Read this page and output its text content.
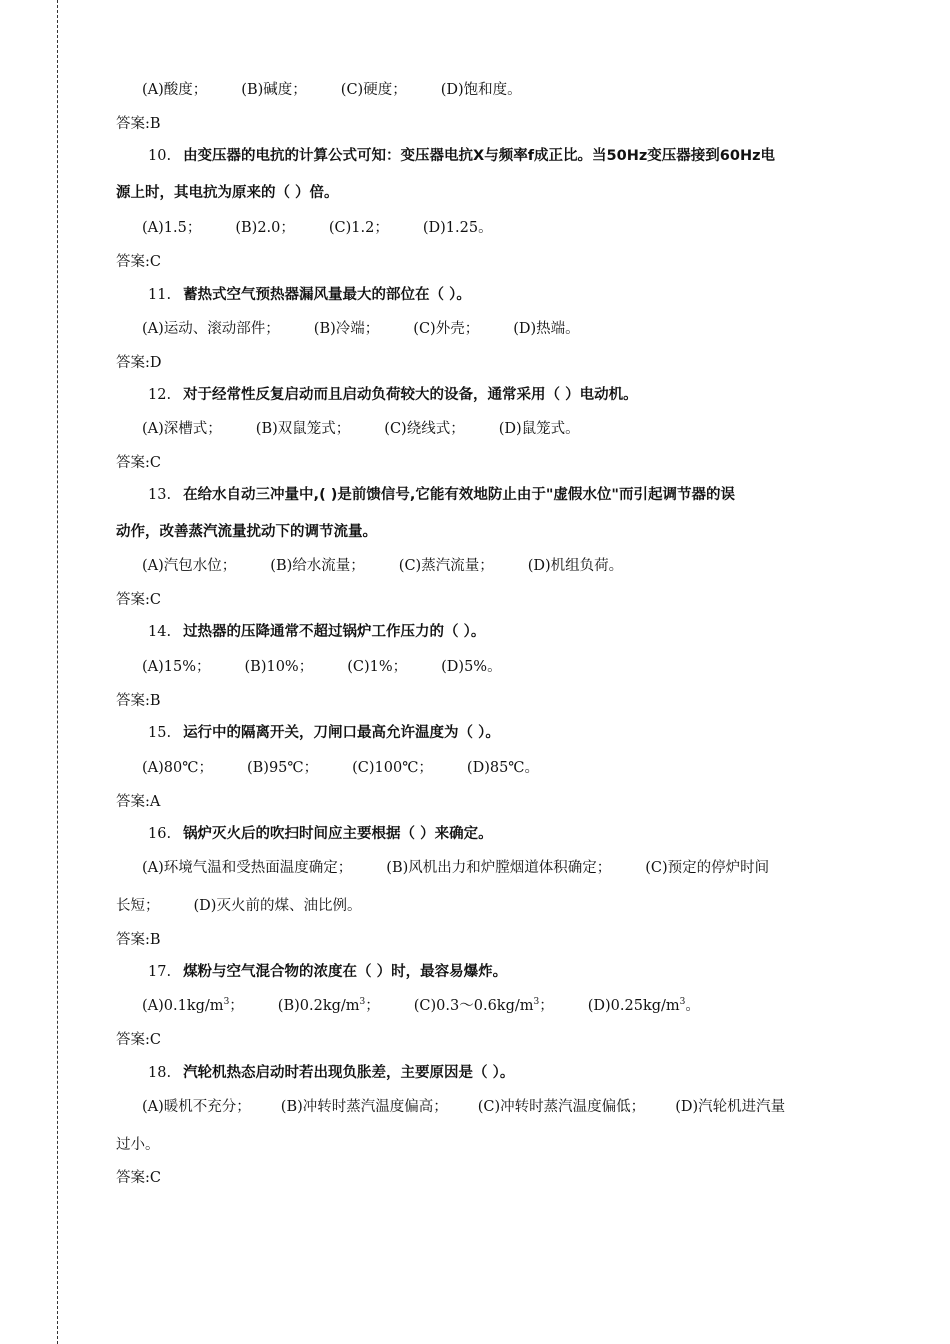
(A)酸度； (B)碱度； (C)硬度； (D)饱和度。
答案:B
10. 由变压器的电抗的计算公式可知：变压器电抗X与频率f成正比。当50Hz变压器接到60Hz电
源上时，其电抗为原来的（ ）倍。
(A)1.5； (B)2.0； (C)1.2； (D)1.25。
答案:C
11. 蓄热式空气预热器漏风量最大的部位在（ ）。
(A)运动、滚动部件； (B)冷端； (C)外壳； (D)热端。
答案:D
12. 对于经常性反复启动而且启动负荷较大的设备，通常采用（ ）电动机。
(A)深槽式； (B)双鼠笼式； (C)绕线式； (D)鼠笼式。
答案:C
13. 在给水自动三冲量中,( )是前馈信号,它能有效地防止由于"虚假水位"而引起调节器的误
动作，改善蒸汽流量扰动下的调节流量。
(A)汽包水位； (B)给水流量； (C)蒸汽流量； (D)机组负荷。
答案:C
14. 过热器的压降通常不超过锅炉工作压力的（ ）。
(A)15%； (B)10%； (C)1%； (D)5%。
答案:B
15. 运行中的隔离开关，刀闸口最高允许温度为（ ）。
(A)80℃； (B)95℃； (C)100℃； (D)85℃。
答案:A
16. 锅炉灭火后的吹扫时间应主要根据（ ）来确定。
(A)环境气温和受热面温度确定； (B)风机出力和炉膛烟道体积确定； (C)预定的停炉时间
长短； (D)灭火前的煤、油比例。
答案:B
17. 煤粉与空气混合物的浓度在（ ）时，最容易爆炸。
$(A)0.1kg/m^3$； $(B)0.2kg/m^3$； $(C)0.3\sim 0.6kg/m^3$； $(D)0.25kg/m^3$。
答案:C
18. 汽轮机热态启动时若出现负胀差，主要原因是（ ）。
(A)暖机不充分； (B)冲转时蒸汽温度偏高； (C)冲转时蒸汽温度偏低； (D)汽轮机进汽量
过小。
答案:C
